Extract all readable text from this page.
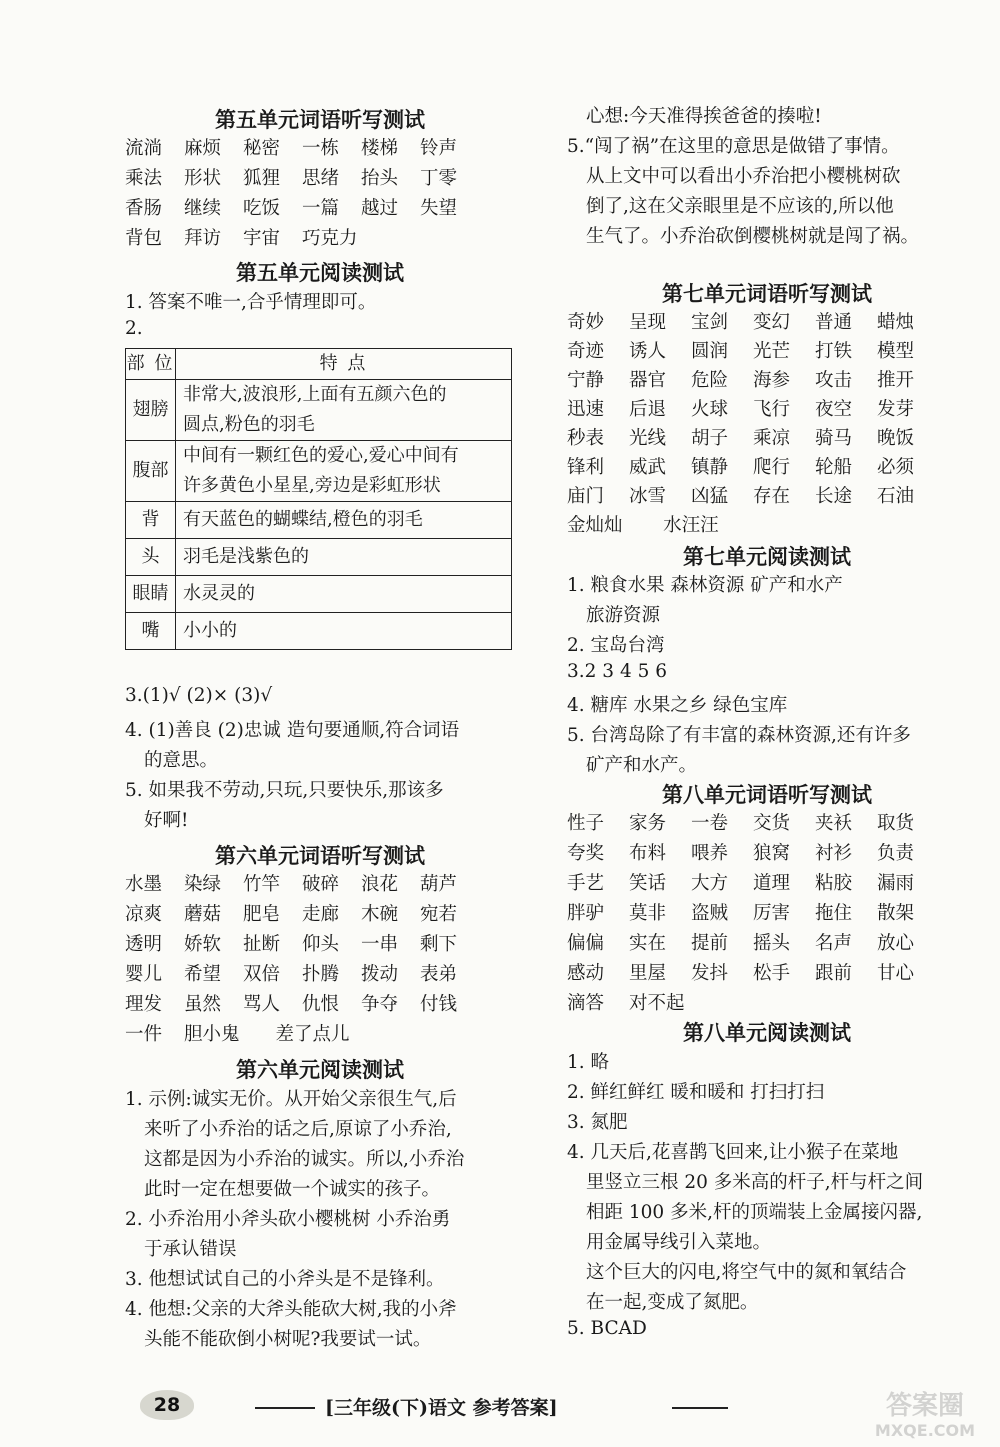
第五单元词语听写测试
流淌 麻烦 秘密 一栋 楼梯 铃声
乘法 形状 狐狸 思绪 抬头 丁零
香肠 继续 吃饭 一篇 越过 失望
背包 拜访 宇宙 巧克力
第五单元阅读测试
1. 答案不唯一,合乎情理即可。
2.
部 位	特 点
翅膀	非常大,波浪形,上面有五颜六色的
圆点,粉色的羽毛

腹部	中间有一颗红色的爱心,爱心中间有
许多黄色小星星,旁边是彩虹形状

背	有天蓝色的蝴蝶结,橙色的羽毛

头	羽毛是浅紫色的

眼睛	水灵灵的

嘴	小小的
3.(1)√ (2)× (3)√
4. (1)善良 (2)忠诚 造句要通顺,符合词语
的意思。
5. 如果我不劳动,只玩,只要快乐,那该多
好啊!
第六单元词语听写测试
水墨 染绿 竹竿 破碎 浪花 葫芦
凉爽 蘑菇 肥皂 走廊 木碗 宛若
透明 娇软 扯断 仰头 一串 剩下
婴儿 希望 双倍 扑腾 拨动 表弟
理发 虽然 骂人 仇恨 争夺 付钱
一件 胆小鬼 差了点儿
第六单元阅读测试
1. 示例:诚实无价。从开始父亲很生气,后
来听了小乔治的话之后,原谅了小乔治,
这都是因为小乔治的诚实。所以,小乔治
此时一定在想要做一个诚实的孩子。
2. 小乔治用小斧头砍小樱桃树 小乔治勇
于承认错误
3. 他想试试自己的小斧头是不是锋利。
4. 他想:父亲的大斧头能砍大树,我的小斧
头能不能砍倒小树呢?我要试一试。
心想:今天准得挨爸爸的揍啦!
5.“闯了祸”在这里的意思是做错了事情。
从上文中可以看出小乔治把小樱桃树砍
倒了,这在父亲眼里是不应该的,所以他
生气了。小乔治砍倒樱桃树就是闯了祸。
第七单元词语听写测试
奇妙 呈现 宝剑 变幻 普通 蜡烛
奇迹 诱人 圆润 光芒 打铁 模型
宁静 器官 危险 海参 攻击 推开
迅速 后退 火球 飞行 夜空 发芽
秒表 光线 胡子 乘凉 骑马 晚饭
锋利 威武 镇静 爬行 轮船 必须
庙门 冰雪 凶猛 存在 长途 石油
金灿灿 水汪汪
第七单元阅读测试
1. 粮食水果 森林资源 矿产和水产
旅游资源
2. 宝岛台湾
3.2 3 4 5 6
4. 糖库 水果之乡 绿色宝库
5. 台湾岛除了有丰富的森林资源,还有许多
矿产和水产。
第八单元词语听写测试
性子 家务 一卷 交货 夹袄 取货
夸奖 布料 喂养 狼窝 衬衫 负责
手艺 笑话 大方 道理 粘胶 漏雨
胖驴 莫非 盗贼 厉害 拖住 散架
偏偏 实在 提前 摇头 名声 放心
感动 里屋 发抖 松手 跟前 甘心
滴答 对不起
第八单元阅读测试
1. 略
2. 鲜红鲜红 暖和暖和 打扫打扫
3. 氮肥
4. 几天后,花喜鹊飞回来,让小猴子在菜地
里竖立三根 20 多米高的杆子,杆与杆之间
相距 100 多米,杆的顶端装上金属接闪器,
用金属导线引入菜地。
这个巨大的闪电,将空气中的氮和氧结合
在一起,变成了氮肥。
5. BCAD
28	[三年级(下)语文 参考答案]	答案圈
MXQE.COM
